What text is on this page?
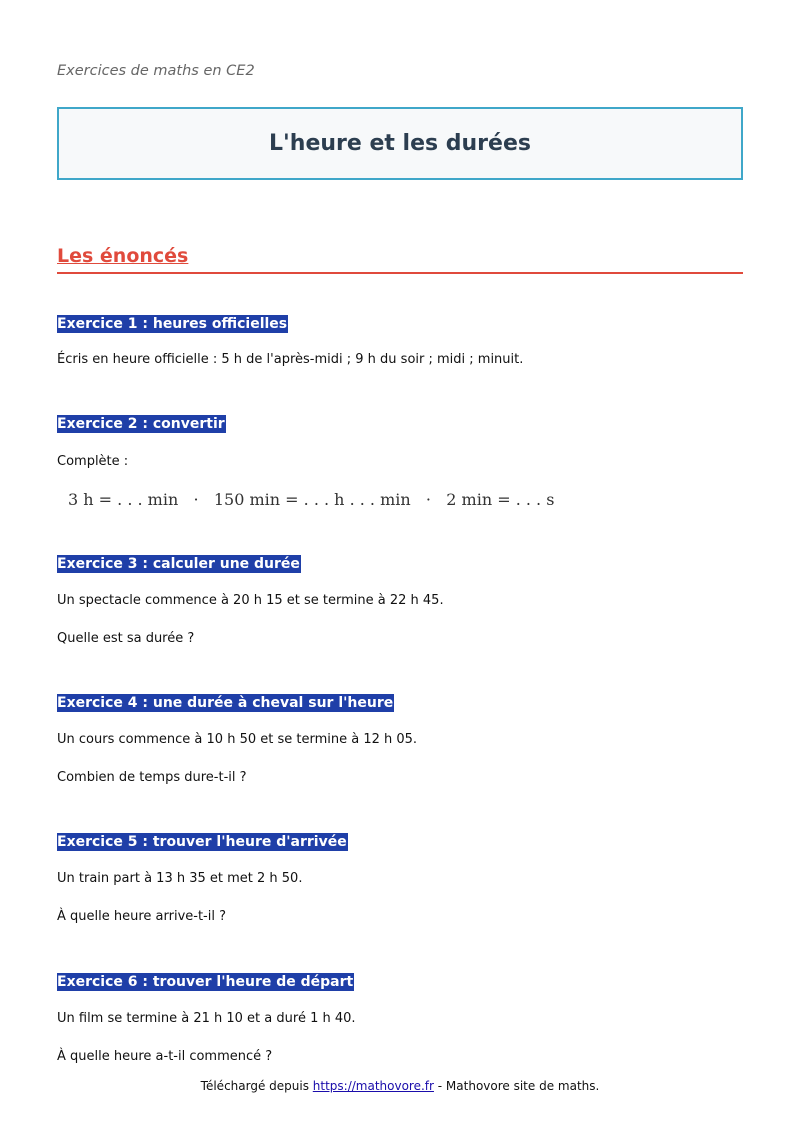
Exercices de maths en CE2
L'heure et les durées
Les énoncés
Exercice 1 : heures officielles
Écris en heure officielle : 5 h de l'après-midi ; 9 h du soir ; midi ; minuit.
Exercice 2 : convertir
Complète :
3 h = . . . min   ·   150 min = . . . h . . . min   ·   2 min = . . . s
Exercice 3 : calculer une durée
Un spectacle commence à 20 h 15 et se termine à 22 h 45.
Quelle est sa durée ?
Exercice 4 : une durée à cheval sur l'heure
Un cours commence à 10 h 50 et se termine à 12 h 05.
Combien de temps dure-t-il ?
Exercice 5 : trouver l'heure d'arrivée
Un train part à 13 h 35 et met 2 h 50.
À quelle heure arrive-t-il ?
Exercice 6 : trouver l'heure de départ
Un film se termine à 21 h 10 et a duré 1 h 40.
À quelle heure a-t-il commencé ?
Téléchargé depuis https://mathovore.fr - Mathovore site de maths.
